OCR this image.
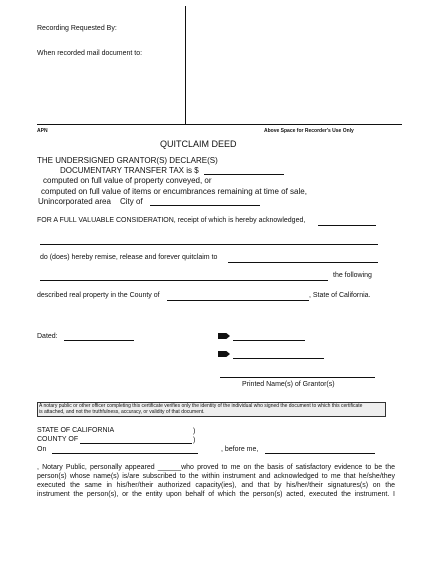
Recording Requested By:
When recorded mail document to:
APN	Above Space for Recorder's Use Only
QUITCLAIM DEED
THE UNDERSIGNED GRANTOR(S) DECLARE(S)
DOCUMENTARY TRANSFER TAX is $
computed on full value of property conveyed, or
computed on full value of items or encumbrances remaining at time of sale,
Unincorporated area City of
FOR A FULL VALUABLE CONSIDERATION, receipt of which is hereby acknowledged,
do (does) hereby remise, release and forever quitclaim to
the following
described real property in the County of	, State of California.
Dated:
Printed Name(s) of Grantor(s)
A notary public or other officer completing this certificate verifies only the identity of the individual who signed the document to which this certificate
is attached, and not the truthfulness, accuracy, or validity of that document.
STATE OF CALIFORNIA	)
COUNTY OF	)
On	, before me,
, Notary Public, personally appeared ______who proved to me on the basis of satisfactory evidence to be the
person(s) whose name(s) is/are subscribed to the within instrument and acknowledged to me that he/she/they
executed the same in his/her/their authorized capacity(ies), and that by his/her/their signatures(s) on the
instrument the person(s), or the entity upon behalf of which the person(s) acted, executed the instrument. I
